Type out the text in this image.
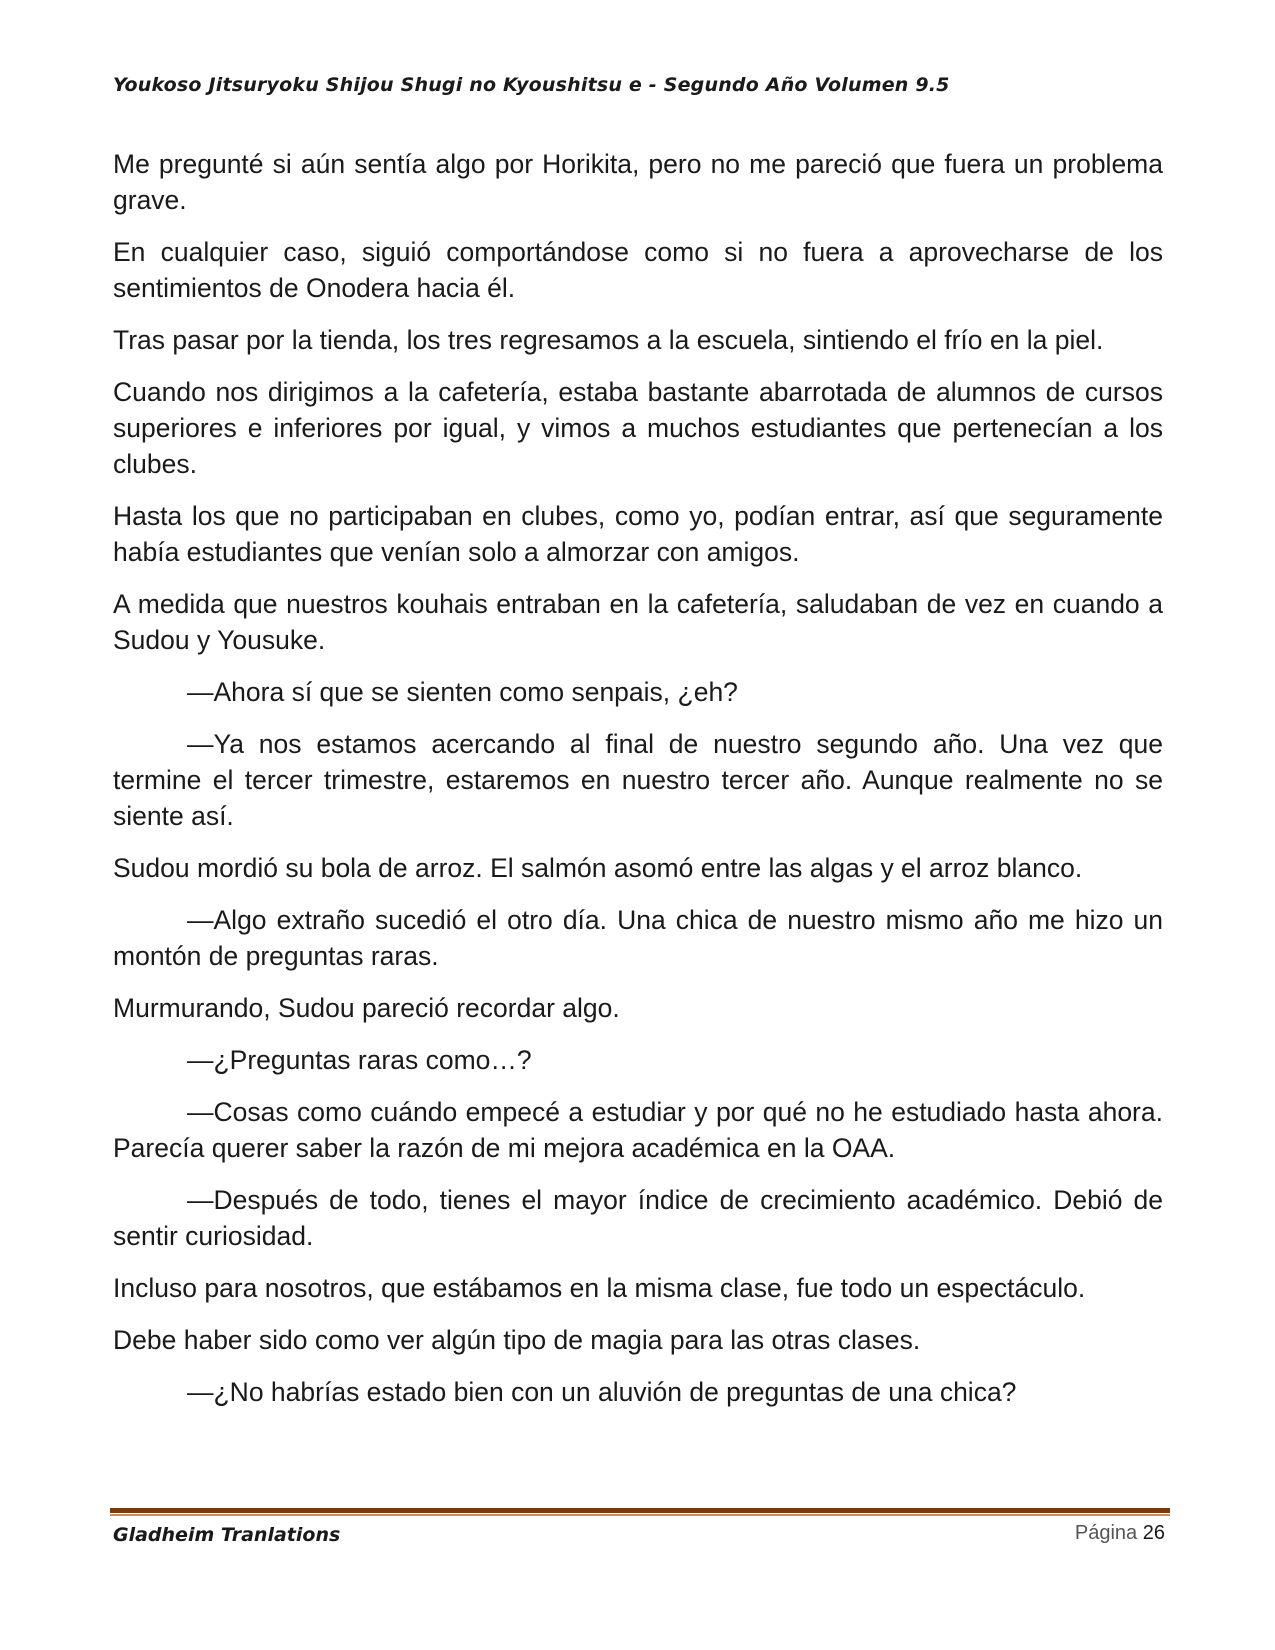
Youkoso Jitsuryoku Shijou Shugi no Kyoushitsu e - Segundo Año Volumen 9.5

Me pregunté si aún sentía algo por Horikita, pero no me pareció que fuera un problema grave.

En cualquier caso, siguió comportándose como si no fuera a aprovecharse de los sentimientos de Onodera hacia él.

Tras pasar por la tienda, los tres regresamos a la escuela, sintiendo el frío en la piel.

Cuando nos dirigimos a la cafetería, estaba bastante abarrotada de alumnos de cursos superiores e inferiores por igual, y vimos a muchos estudiantes que pertenecían a los clubes.

Hasta los que no participaban en clubes, como yo, podían entrar, así que seguramente había estudiantes que venían solo a almorzar con amigos.

A medida que nuestros kouhais entraban en la cafetería, saludaban de vez en cuando a Sudou y Yousuke.

—Ahora sí que se sienten como senpais, ¿eh?

—Ya nos estamos acercando al final de nuestro segundo año. Una vez que termine el tercer trimestre, estaremos en nuestro tercer año. Aunque realmente no se siente así.

Sudou mordió su bola de arroz. El salmón asomó entre las algas y el arroz blanco.

—Algo extraño sucedió el otro día. Una chica de nuestro mismo año me hizo un montón de preguntas raras.

Murmurando, Sudou pareció recordar algo.

—¿Preguntas raras como…?

—Cosas como cuándo empecé a estudiar y por qué no he estudiado hasta ahora. Parecía querer saber la razón de mi mejora académica en la OAA.

—Después de todo, tienes el mayor índice de crecimiento académico. Debió de sentir curiosidad.

Incluso para nosotros, que estábamos en la misma clase, fue todo un espectáculo.

Debe haber sido como ver algún tipo de magia para las otras clases.

—¿No habrías estado bien con un aluvión de preguntas de una chica?

Gladheim Tranlations	Página 26
